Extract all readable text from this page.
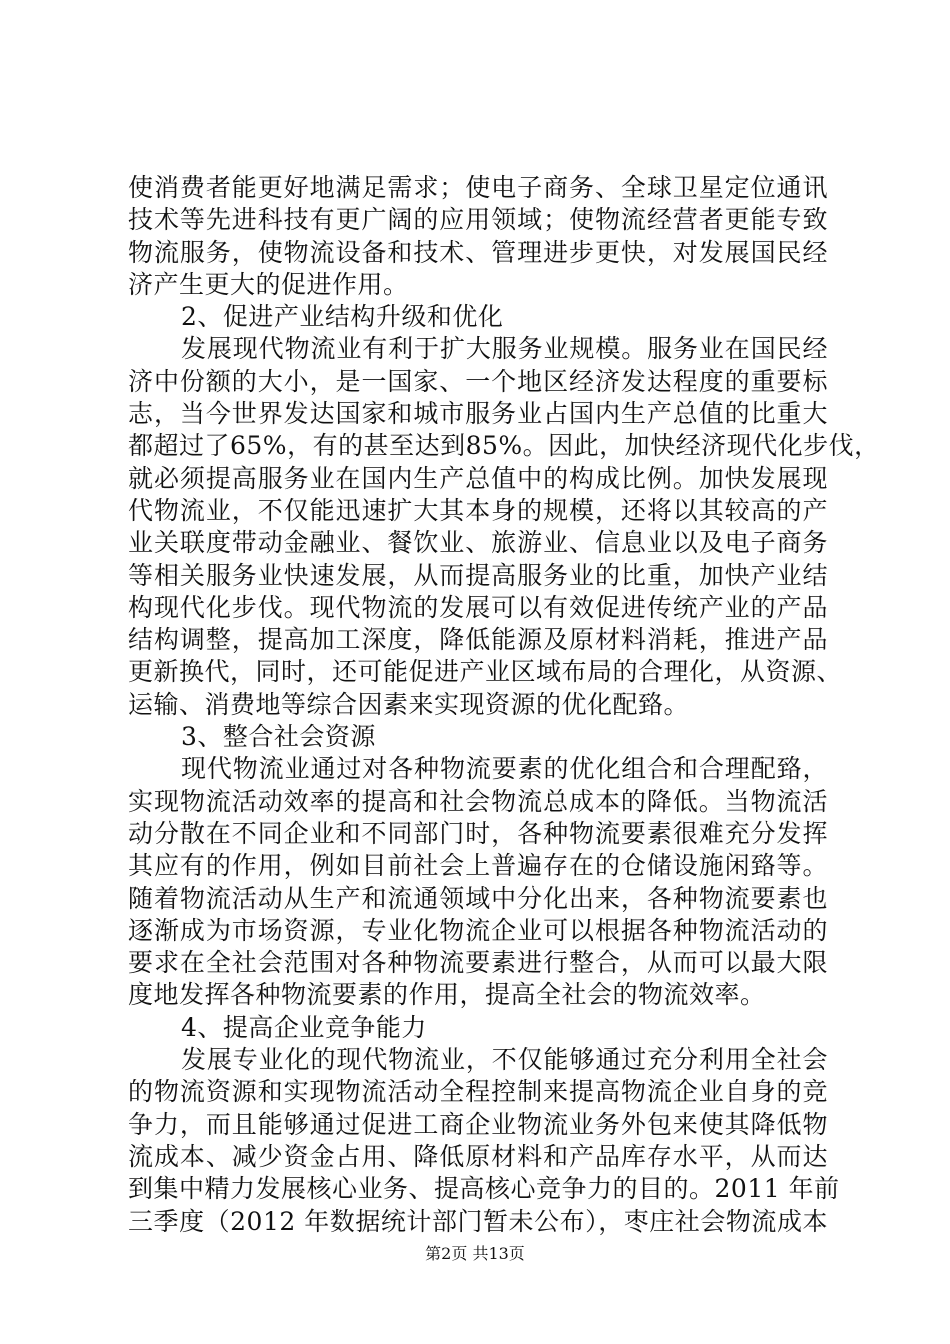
使消费者能更好地满足需求；使电子商务、全球卫星定位通讯
技术等先进科技有更广阔的应用领域；使物流经营者更能专致
物流服务，使物流设备和技术、管理进步更快，对发展国民经
济产生更大的促进作用。
2、促进产业结构升级和优化
发展现代物流业有利于扩大服务业规模。服务业在国民经
济中份额的大小，是一国家、一个地区经济发达程度的重要标
志，当今世界发达国家和城市服务业占国内生产总值的比重大
都超过了65%，有的甚至达到85%。因此，加快经济现代化步伐，
就必须提高服务业在国内生产总值中的构成比例。加快发展现
代物流业，不仅能迅速扩大其本身的规模，还将以其较高的产
业关联度带动金融业、餐饮业、旅游业、信息业以及电子商务
等相关服务业快速发展，从而提高服务业的比重，加快产业结
构现代化步伐。现代物流的发展可以有效促进传统产业的产品
结构调整，提高加工深度，降低能源及原材料消耗，推进产品
更新换代，同时，还可能促进产业区域布局的合理化，从资源、
运输、消费地等综合因素来实现资源的优化配臵。
3、整合社会资源
现代物流业通过对各种物流要素的优化组合和合理配臵，
实现物流活动效率的提高和社会物流总成本的降低。当物流活
动分散在不同企业和不同部门时，各种物流要素很难充分发挥
其应有的作用，例如目前社会上普遍存在的仓储设施闲臵等。
随着物流活动从生产和流通领域中分化出来，各种物流要素也
逐渐成为市场资源，专业化物流企业可以根据各种物流活动的
要求在全社会范围对各种物流要素进行整合，从而可以最大限
度地发挥各种物流要素的作用，提高全社会的物流效率。
4、提高企业竞争能力
发展专业化的现代物流业，不仅能够通过充分利用全社会
的物流资源和实现物流活动全程控制来提高物流企业自身的竞
争力，而且能够通过促进工商企业物流业务外包来使其降低物
流成本、减少资金占用、降低原材料和产品库存水平，从而达
到集中精力发展核心业务、提高核心竞争力的目的。2011 年前
三季度（2012 年数据统计部门暂未公布），枣庄社会物流成本
第2页 共13页
